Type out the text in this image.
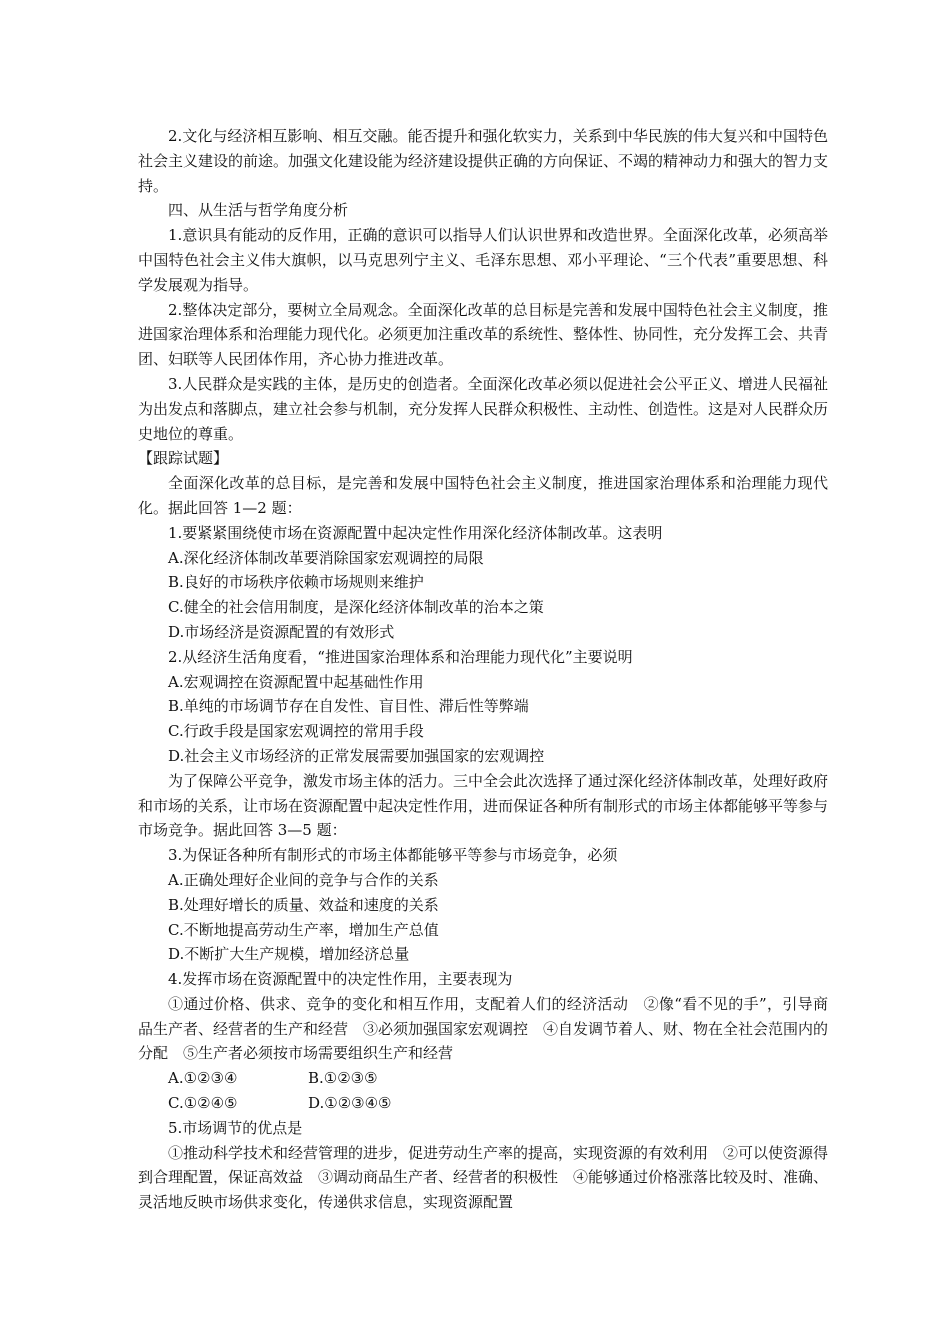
2.文化与经济相互影响、相互交融。能否提升和强化软实力，关系到中华民族的伟大复兴和中国特色社会主义建设的前途。加强文化建设能为经济建设提供正确的方向保证、不竭的精神动力和强大的智力支持。

四、从生活与哲学角度分析

1.意识具有能动的反作用，正确的意识可以指导人们认识世界和改造世界。全面深化改革，必须高举中国特色社会主义伟大旗帜，以马克思列宁主义、毛泽东思想、邓小平理论、“三个代表”重要思想、科学发展观为指导。

2.整体决定部分，要树立全局观念。全面深化改革的总目标是完善和发展中国特色社会主义制度，推进国家治理体系和治理能力现代化。必须更加注重改革的系统性、整体性、协同性，充分发挥工会、共青团、妇联等人民团体作用，齐心协力推进改革。

3.人民群众是实践的主体，是历史的创造者。全面深化改革必须以促进社会公平正义、增进人民福祉为出发点和落脚点，建立社会参与机制，充分发挥人民群众积极性、主动性、创造性。这是对人民群众历史地位的尊重。

【跟踪试题】

全面深化改革的总目标，是完善和发展中国特色社会主义制度，推进国家治理体系和治理能力现代化。据此回答 1—2 题：

1.要紧紧围绕使市场在资源配置中起决定性作用深化经济体制改革。这表明

A.深化经济体制改革要消除国家宏观调控的局限

B.良好的市场秩序依赖市场规则来维护

C.健全的社会信用制度，是深化经济体制改革的治本之策

D.市场经济是资源配置的有效形式

2.从经济生活角度看，“推进国家治理体系和治理能力现代化”主要说明

A.宏观调控在资源配置中起基础性作用

B.单纯的市场调节存在自发性、盲目性、滞后性等弊端

C.行政手段是国家宏观调控的常用手段

D.社会主义市场经济的正常发展需要加强国家的宏观调控

为了保障公平竞争，激发市场主体的活力。三中全会此次选择了通过深化经济体制改革，处理好政府和市场的关系，让市场在资源配置中起决定性作用，进而保证各种所有制形式的市场主体都能够平等参与市场竞争。据此回答 3—5 题：

3.为保证各种所有制形式的市场主体都能够平等参与市场竞争，必须

A.正确处理好企业间的竞争与合作的关系

B.处理好增长的质量、效益和速度的关系

C.不断地提高劳动生产率，增加生产总值

D.不断扩大生产规模，增加经济总量

4.发挥市场在资源配置中的决定性作用，主要表现为

①通过价格、供求、竞争的变化和相互作用，支配着人们的经济活动　②像“看不见的手”，引导商品生产者、经营者的生产和经营　③必须加强国家宏观调控　④自发调节着人、财、物在全社会范围内的分配　⑤生产者必须按市场需要组织生产和经营

A.①②③④	B.①②③⑤
C.①②④⑤	D.①②③④⑤

5.市场调节的优点是

①推动科学技术和经营管理的进步，促进劳动生产率的提高，实现资源的有效利用　②可以使资源得到合理配置，保证高效益　③调动商品生产者、经营者的积极性　④能够通过价格涨落比较及时、准确、灵活地反映市场供求变化，传递供求信息，实现资源配置
